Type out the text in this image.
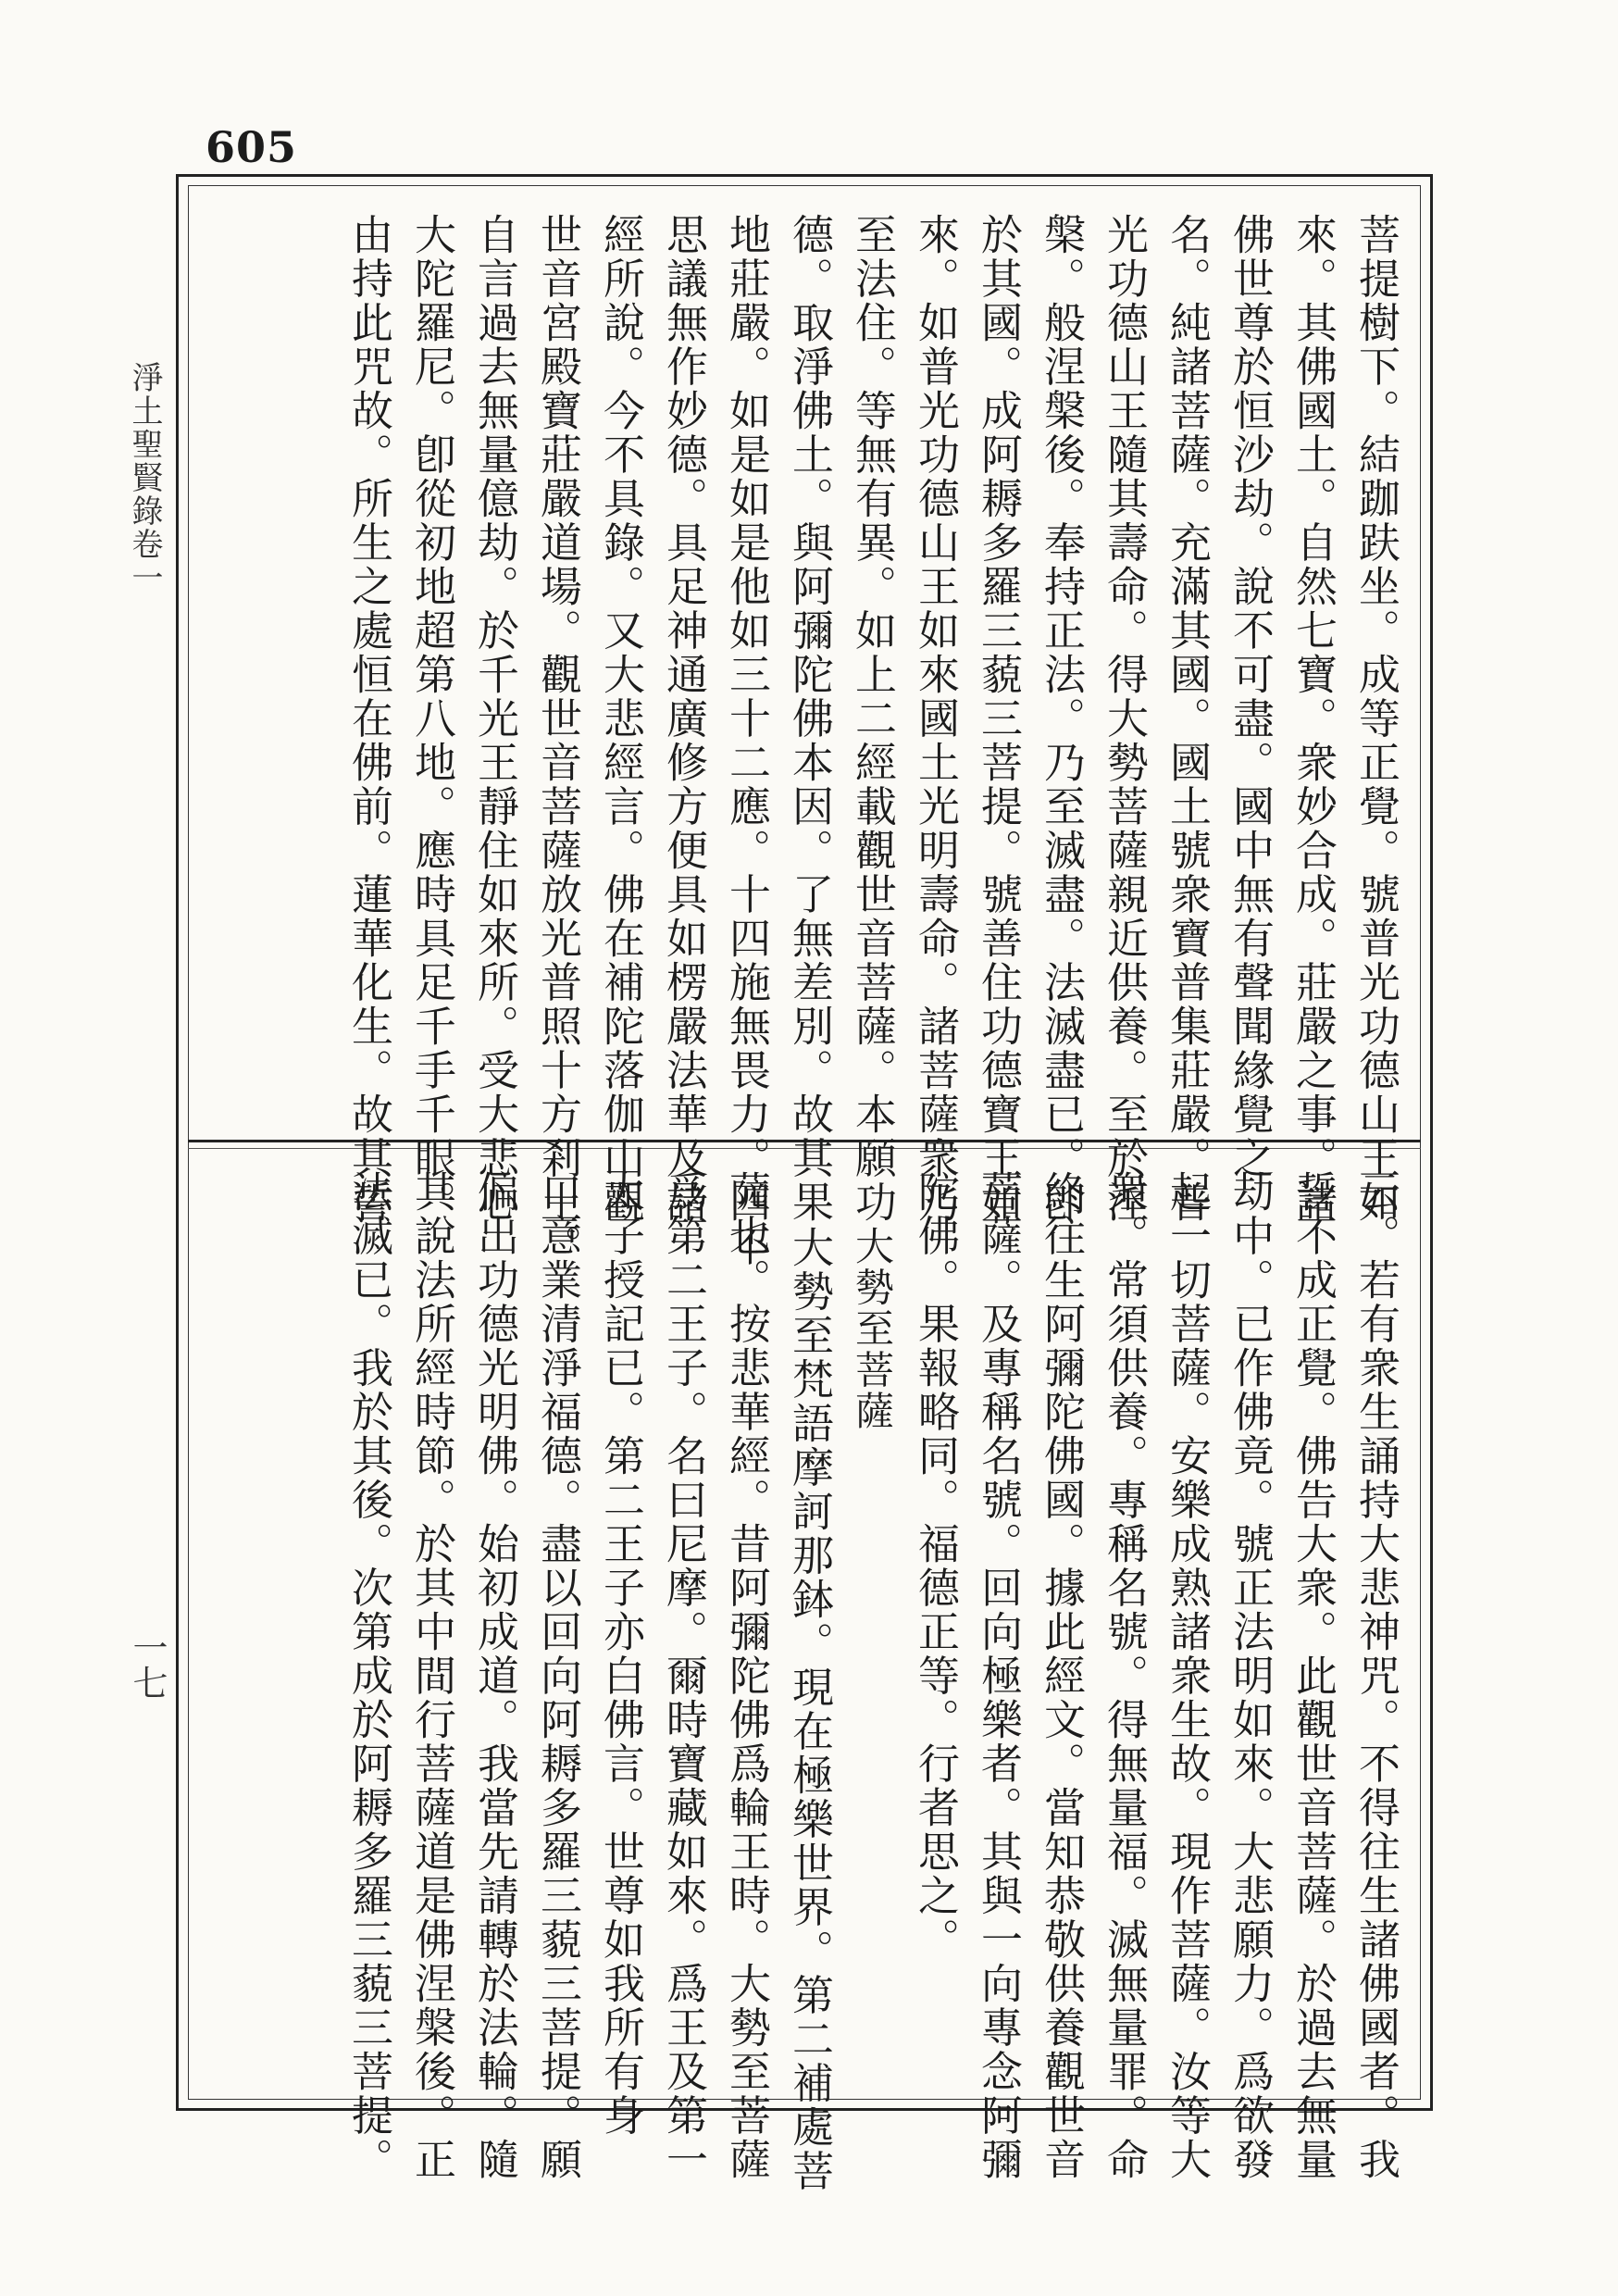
605
淨土聖賢錄卷一
一七
菩提樹下。結跏趺坐。成等正覺。號普光功德山王如
來。其佛國土。自然七寶。衆妙合成。莊嚴之事。諸
佛世尊於恒沙劫。說不可盡。國中無有聲聞緣覺之
名。純諸菩薩。充滿其國。國土號衆寶普集莊嚴。普
光功德山王隨其壽命。得大勢菩薩親近供養。至於涅
槃。般涅槃後。奉持正法。乃至滅盡。法滅盡已。卽
於其國。成阿耨多羅三藐三菩提。號善住功德寶王如
來。如普光功德山王如來國土光明壽命。諸菩薩衆乃
至法住。等無有異。如上二經載觀世音菩薩。本願功
德。取淨佛土。與阿彌陀佛本因。了無差別。故其果
地莊嚴。如是如是他如三十二應。十四施無畏力。四不
思議無作妙德。具足神通廣修方便具如楞嚴法華及諸
經所說。今不具錄。又大悲經言。佛在補陀落伽山觀
世音宮殿寶莊嚴道場。觀世音菩薩放光普照十方剎土。
自言過去無量億劫。於千光王靜住如來所。受大悲心
大陀羅尼。卽從初地超第八地。應時具足千手千眼。
由持此咒故。所生之處恒在佛前。蓮華化生。故其誓
云。若有衆生誦持大悲神咒。不得往生諸佛國者。我
誓不成正覺。佛告大衆。此觀世音菩薩。於過去無量
劫中。已作佛竟。號正法明如來。大悲願力。爲欲發
起一切菩薩。安樂成熟諸衆生故。現作菩薩。汝等大
衆。常須供養。專稱名號。得無量福。滅無量罪。命
終往生阿彌陀佛國。據此經文。當知恭敬供養觀世音
菩薩。及專稱名號。回向極樂者。其與一向專念阿彌
陀佛。果報略同。福德正等。行者思之。
大勢至菩薩
大勢至梵語摩訶那鉢。現在極樂世界。第二補處菩
薩也。按悲華經。昔阿彌陀佛爲輪王時。大勢至菩薩
爲第二王子。名曰尼摩。爾時寶藏如來。爲王及第一
太子授記已。第二王子亦白佛言。世尊如我所有身
口意業清淨福德。盡以回向阿耨多羅三藐三菩提。願
偏出功德光明佛。始初成道。我當先請轉於法輪。隨
其說法所經時節。於其中間行菩薩道是佛涅槃後。正
法滅已。我於其後。次第成於阿耨多羅三藐三菩提。
